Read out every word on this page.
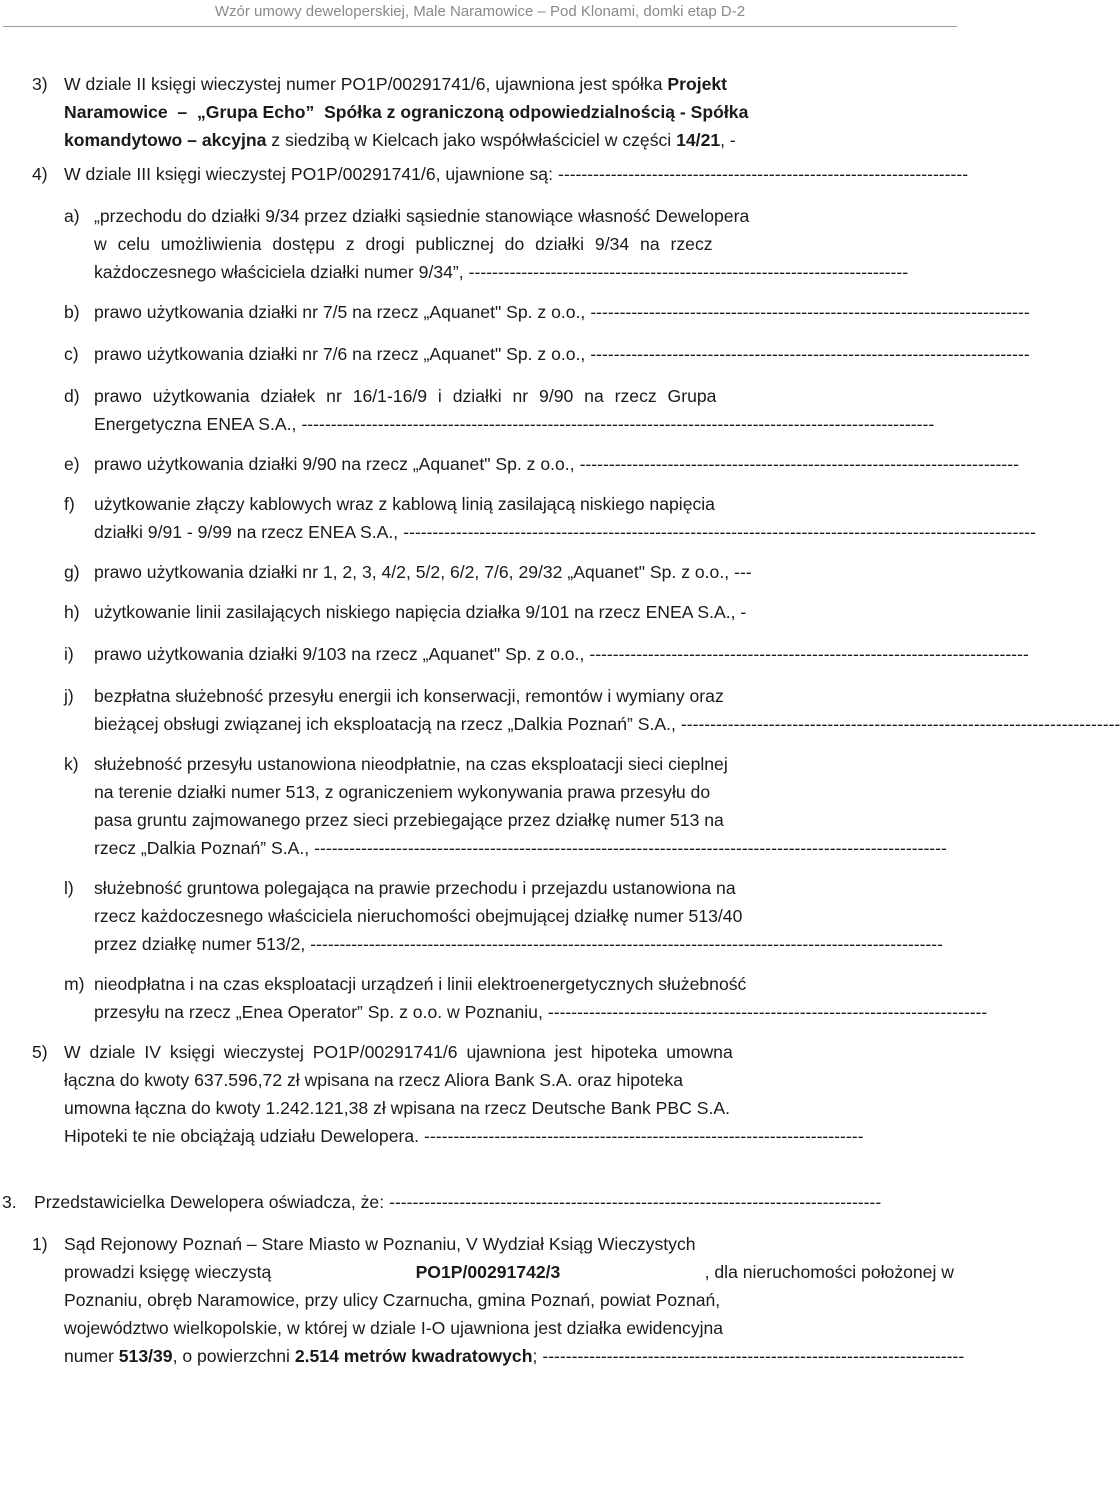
Wzór umowy deweloperskiej, Male Naramowice – Pod Klonami, domki etap D-2
3) W dziale II księgi wieczystej numer PO1P/00291741/6, ujawniona jest spółka Projekt
Naramowice  –  „Grupa Echo”  Spółka z ograniczoną odpowiedzialnością - Spółka
komandytowo – akcyjna z siedzibą w Kielcach jako współwłaściciel w części 14/21, -
4) W dziale III księgi wieczystej PO1P/00291741/6, ujawnione są: ----------------------------------------------------------------------
a) „przechodu do działki 9/34 przez działki sąsiednie stanowiące własność Dewelopera
w celu umożliwienia dostępu z drogi publicznej do działki 9/34 na rzecz
każdoczesnego właściciela działki numer 9/34”, ---------------------------------------------------------------------------
b) prawo użytkowania działki nr 7/5 na rzecz „Aquanet" Sp. z o.o., ---------------------------------------------------------------------------
c) prawo użytkowania działki nr 7/6 na rzecz „Aquanet" Sp. z o.o., ---------------------------------------------------------------------------
d) prawo użytkowania działek nr 16/1-16/9 i działki nr 9/90 na rzecz Grupa
Energetyczna ENEA S.A., ------------------------------------------------------------------------------------------------------------
e) prawo użytkowania działki 9/90 na rzecz „Aquanet" Sp. z o.o., ---------------------------------------------------------------------------
f) użytkowanie złączy kablowych wraz z kablową linią zasilającą niskiego napięcia
działki 9/91 - 9/99 na rzecz ENEA S.A., ------------------------------------------------------------------------------------------------------------
g) prawo użytkowania działki nr 1, 2, 3, 4/2, 5/2, 6/2, 7/6, 29/32 „Aquanet" Sp. z o.o., ---
h) użytkowanie linii zasilających niskiego napięcia działka 9/101 na rzecz ENEA S.A., -
i) prawo użytkowania działki 9/103 na rzecz „Aquanet" Sp. z o.o., ---------------------------------------------------------------------------
j) bezpłatna służebność przesyłu energii ich konserwacji, remontów i wymiany oraz
bieżącej obsługi związanej ich eksploatacją na rzecz „Dalkia Poznań” S.A., ---------------------------------------------------------------------------
k) służebność przesyłu ustanowiona nieodpłatnie, na czas eksploatacji sieci cieplnej
na terenie działki numer 513, z ograniczeniem wykonywania prawa przesyłu do
pasa gruntu zajmowanego przez sieci przebiegające przez działkę numer 513 na
rzecz „Dalkia Poznań” S.A., ------------------------------------------------------------------------------------------------------------
l) służebność gruntowa polegająca na prawie przechodu i przejazdu ustanowiona na
rzecz każdoczesnego właściciela nieruchomości obejmującej działkę numer 513/40
przez działkę numer 513/2, ------------------------------------------------------------------------------------------------------------
m) nieodpłatna i na czas eksploatacji urządzeń i linii elektroenergetycznych służebność
przesyłu na rzecz „Enea Operator” Sp. z o.o. w Poznaniu, ---------------------------------------------------------------------------
5) W dziale IV księgi wieczystej PO1P/00291741/6 ujawniona jest hipoteka umowna
łączna do kwoty 637.596,72 zł wpisana na rzecz Aliora Bank S.A. oraz hipoteka
umowna łączna do kwoty 1.242.121,38 zł wpisana na rzecz Deutsche Bank PBC S.A.
Hipoteki te nie obciążają udziału Dewelopera. ---------------------------------------------------------------------------
3. Przedstawicielka Dewelopera oświadcza, że: ------------------------------------------------------------------------------------
1) Sąd Rejonowy Poznań – Stare Miasto w Poznaniu, V Wydział Ksiąg Wieczystych
prowadzi księgę wieczystą	PO1P/00291742/3	, dla nieruchomości położonej w
Poznaniu, obręb Naramowice, przy ulicy Czarnucha, gmina Poznań, powiat Poznań,
województwo wielkopolskie, w której w dziale I-O ujawniona jest działka ewidencyjna
numer 513/39, o powierzchni 2.514 metrów kwadratowych; ------------------------------------------------------------------------
